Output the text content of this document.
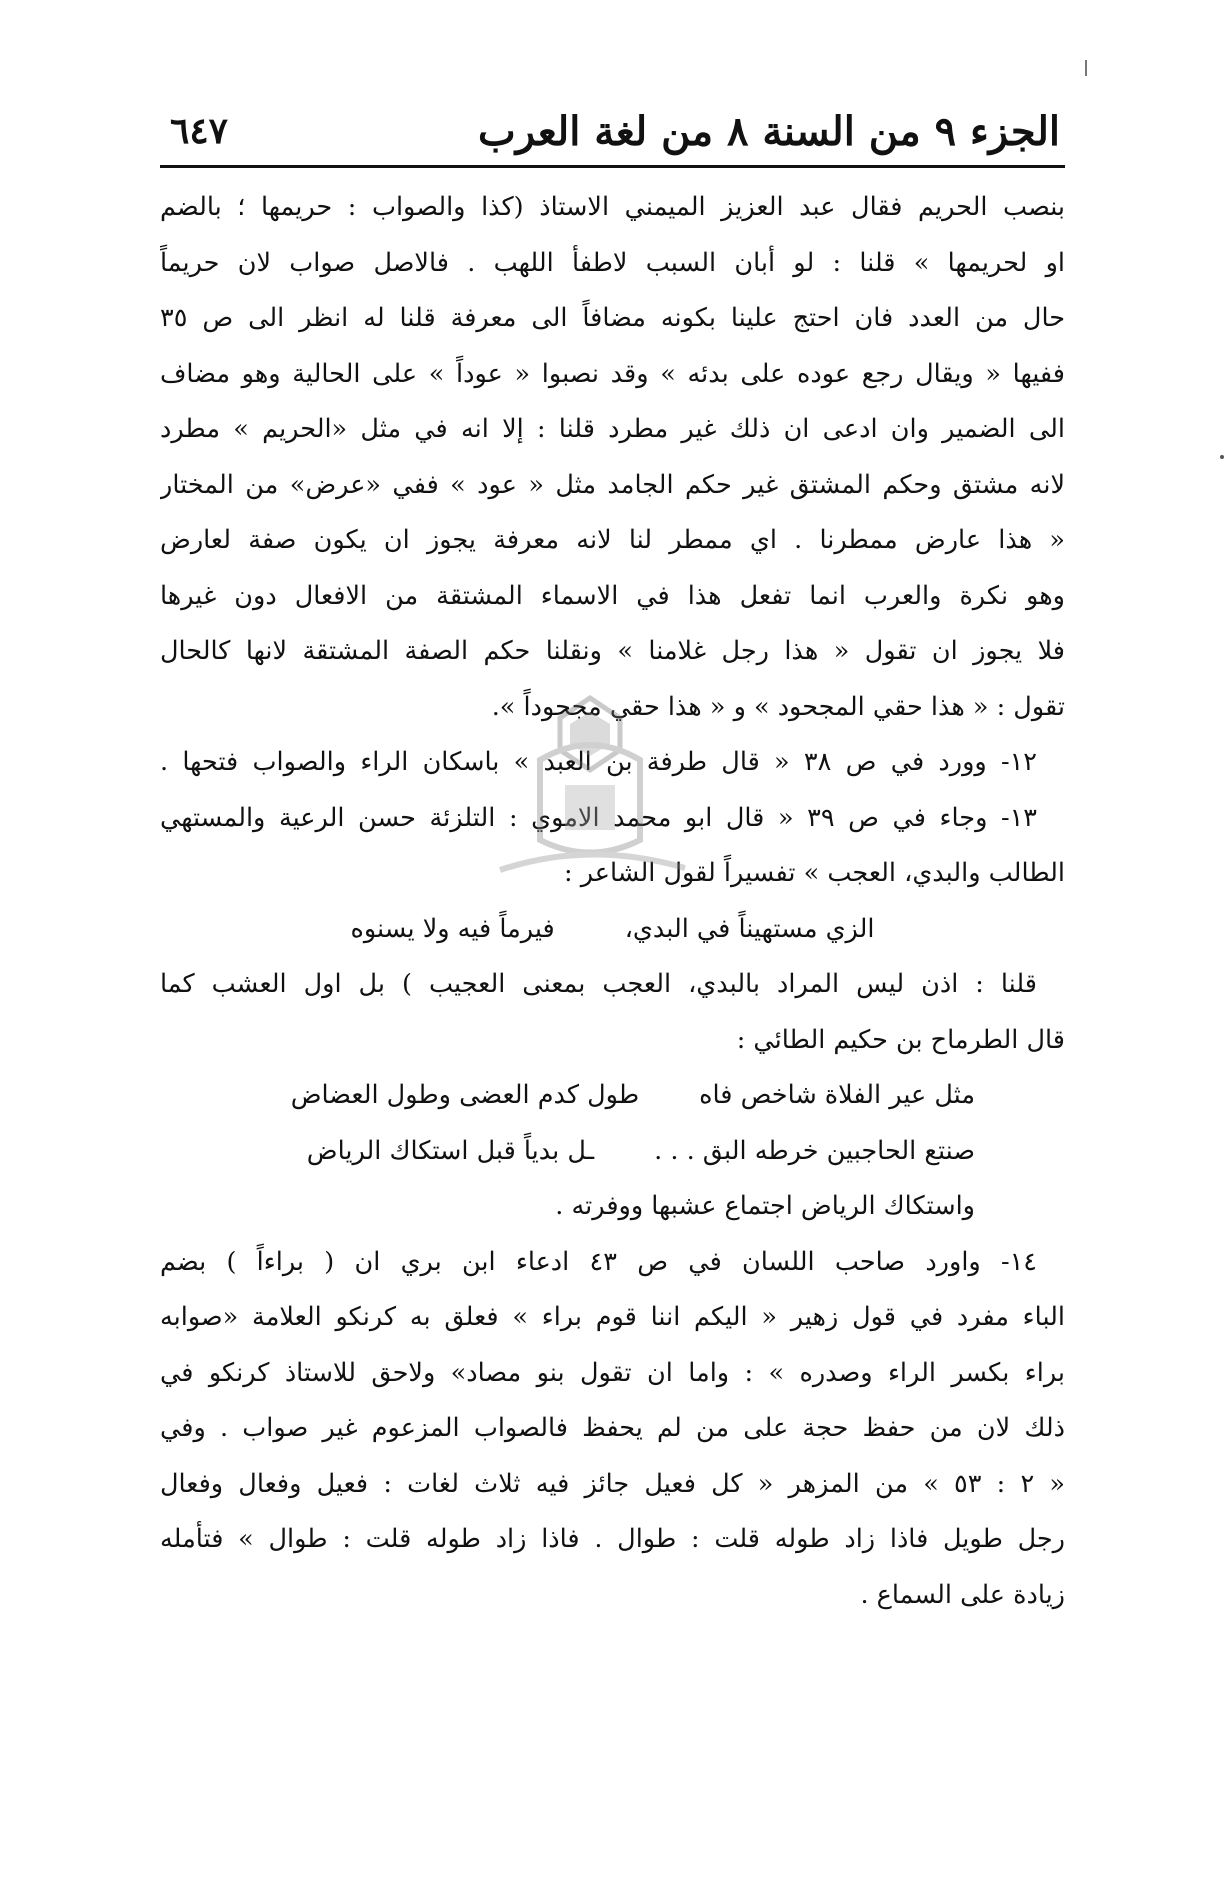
الجزء ٩ من السنة ٨ من لغة العرب
٦٤٧
بنصب الحريم فقال عبد العزيز الميمني الاستاذ (كذا والصواب : حريمها ؛ بالضم
او لحريمها » قلنا : لو أبان السبب لاطفأ اللهب . فالاصل صواب لان حريماً
حال من العدد فان احتج علينا بكونه مضافاً الى معرفة قلنا له انظر الى ص ٣٥
ففيها « ويقال رجع عوده على بدئه » وقد نصبوا « عوداً » على الحالية وهو مضاف
الى الضمير وان ادعى ان ذلك غير مطرد قلنا : إلا انه في مثل «الحريم » مطرد
لانه مشتق وحكم المشتق غير حكم الجامد مثل « عود » ففي «عرض» من المختار
« هذا عارض ممطرنا . اي ممطر لنا لانه معرفة يجوز ان يكون صفة لعارض
وهو نكرة والعرب انما تفعل هذا في الاسماء المشتقة من الافعال دون غيرها
فلا يجوز ان تقول « هذا رجل غلامنا » ونقلنا حكم الصفة المشتقة لانها كالحال
تقول : « هذا حقي المجحود » و « هذا حقي مجحوداً ».
١٢- وورد في ص ٣٨ « قال طرفة بن العبد » باسكان الراء والصواب فتحها .
١٣- وجاء في ص ٣٩ « قال ابو محمد الاموي : التلزئة حسن الرعية والمستهي
الطالب والبدي، العجب » تفسيراً لقول الشاعر :
الزي مستهيناً في البدي،
فيرماً فيه ولا يسنوه
قلنا : اذن ليس المراد بالبدي، العجب بمعنى العجيب ) بل اول العشب كما
قال الطرماح بن حكيم الطائي :
مثل عير الفلاة شاخص فاه
طول كدم العضى وطول العضاض
صنتع الحاجبين خرطه البق . . .
ـل بدياً قبل استكاك الرياض
واستكاك الرياض اجتماع عشبها ووفرته .
١٤- واورد صاحب اللسان في ص ٤٣ ادعاء ابن بري ان ( براءاً ) بضم
الباء مفرد في قول زهير « اليكم اننا قوم براء » فعلق به كرنكو العلامة «صوابه
براء بكسر الراء وصدره » : واما ان تقول بنو مصاد» ولاحق للاستاذ كرنكو في
ذلك لان من حفظ حجة على من لم يحفظ فالصواب المزعوم غير صواب . وفي
« ٢ : ٥٣ » من المزهر « كل فعيل جائز فيه ثلاث لغات : فعيل وفعال وفعال
رجل طويل فاذا زاد طوله قلت : طوال . فاذا زاد طوله قلت : طوال » فتأمله
زيادة على السماع .
